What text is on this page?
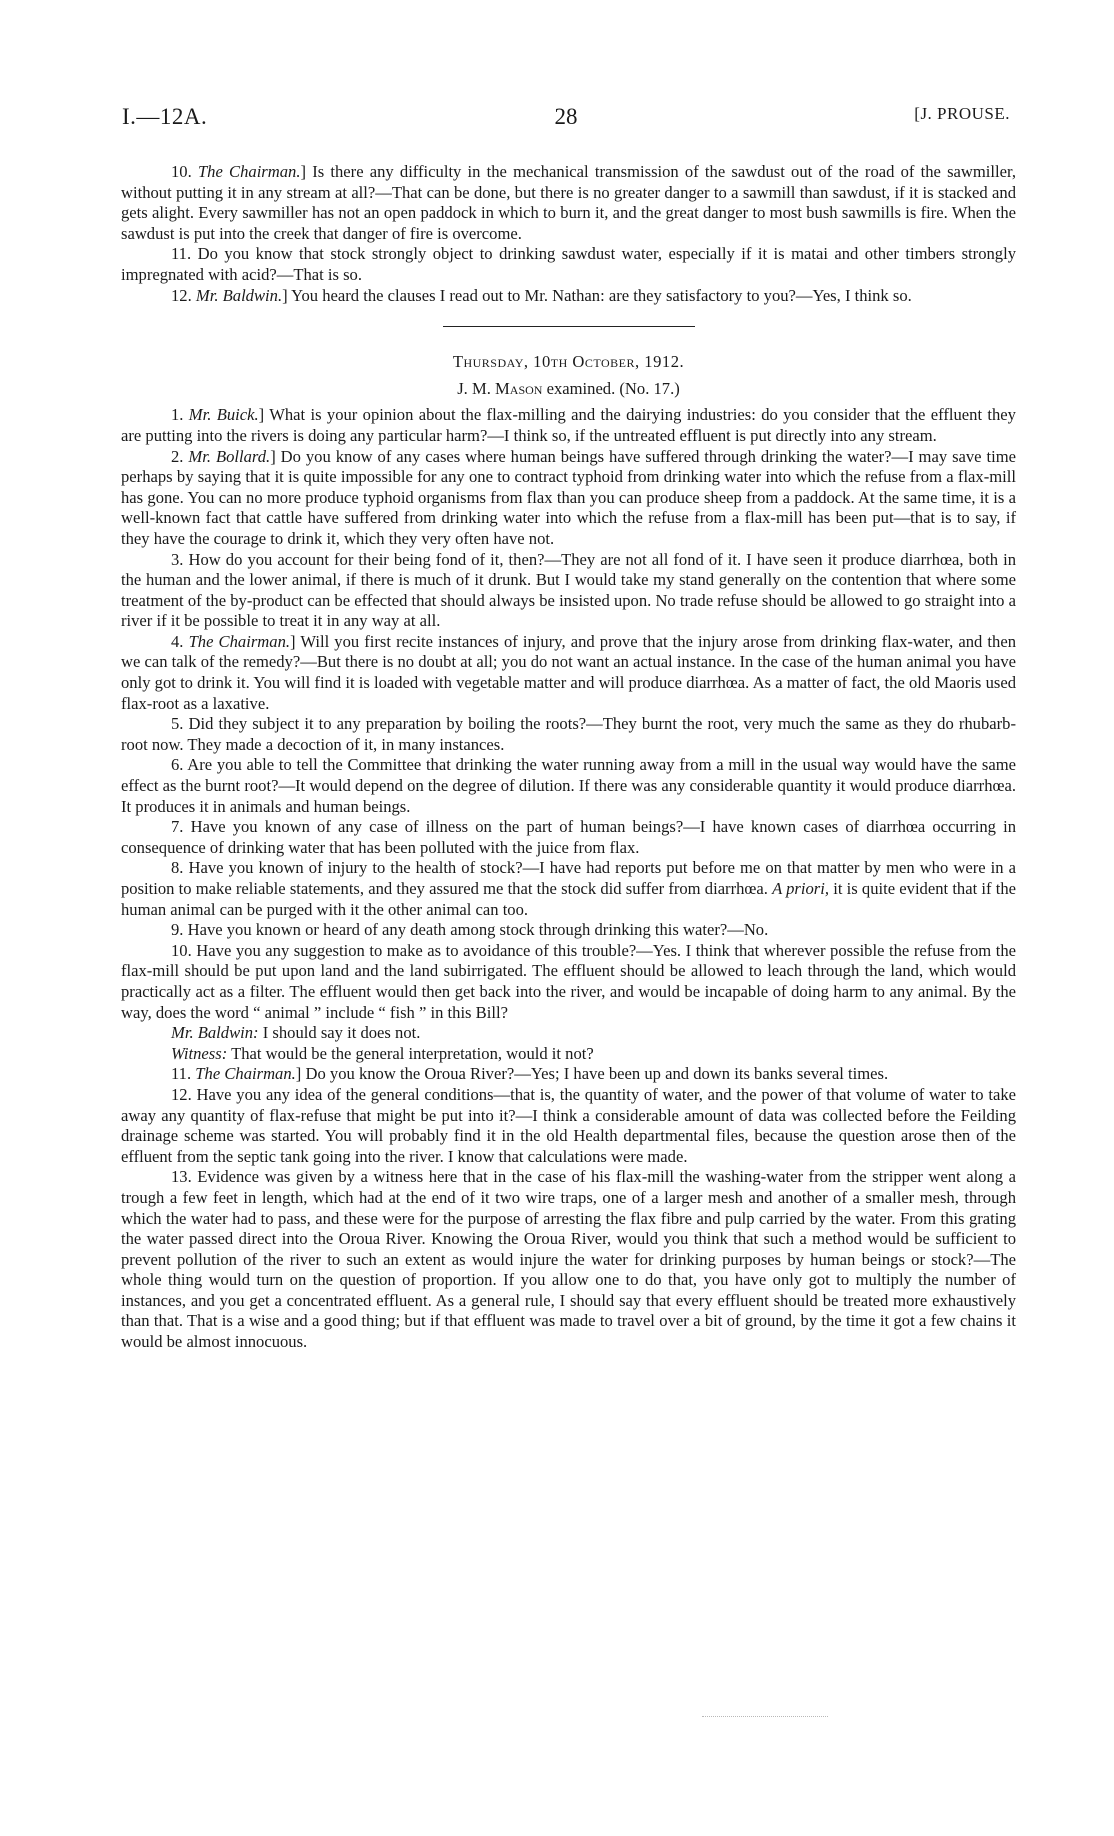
I.—12A.	28	[J. PROUSE.

10. The Chairman.] Is there any difficulty in the mechanical transmission of the sawdust out of the road of the sawmiller, without putting it in any stream at all?—That can be done, but there is no greater danger to a sawmill than sawdust, if it is stacked and gets alight. Every sawmiller has not an open paddock in which to burn it, and the great danger to most bush sawmills is fire. When the sawdust is put into the creek that danger of fire is overcome.

11. Do you know that stock strongly object to drinking sawdust water, especially if it is matai and other timbers strongly impregnated with acid?—That is so.

12. Mr. Baldwin.] You heard the clauses I read out to Mr. Nathan: are they satisfactory to you?—Yes, I think so.

Thursday, 10th October, 1912.

J. M. Mason examined. (No. 17.)

1. Mr. Buick.] What is your opinion about the flax-milling and the dairying industries: do you consider that the effluent they are putting into the rivers is doing any particular harm?—I think so, if the untreated effluent is put directly into any stream.

2. Mr. Bollard.] Do you know of any cases where human beings have suffered through drinking the water?—I may save time perhaps by saying that it is quite impossible for any one to contract typhoid from drinking water into which the refuse from a flax-mill has gone. You can no more produce typhoid organisms from flax than you can produce sheep from a paddock. At the same time, it is a well-known fact that cattle have suffered from drinking water into which the refuse from a flax-mill has been put—that is to say, if they have the courage to drink it, which they very often have not.

3. How do you account for their being fond of it, then?—They are not all fond of it. I have seen it produce diarrhœa, both in the human and the lower animal, if there is much of it drunk. But I would take my stand generally on the contention that where some treatment of the by-product can be effected that should always be insisted upon. No trade refuse should be allowed to go straight into a river if it be possible to treat it in any way at all.

4. The Chairman.] Will you first recite instances of injury, and prove that the injury arose from drinking flax-water, and then we can talk of the remedy?—But there is no doubt at all; you do not want an actual instance. In the case of the human animal you have only got to drink it. You will find it is loaded with vegetable matter and will produce diarrhœa. As a matter of fact, the old Maoris used flax-root as a laxative.

5. Did they subject it to any preparation by boiling the roots?—They burnt the root, very much the same as they do rhubarb-root now. They made a decoction of it, in many instances.

6. Are you able to tell the Committee that drinking the water running away from a mill in the usual way would have the same effect as the burnt root?—It would depend on the degree of dilution. If there was any considerable quantity it would produce diarrhœa. It produces it in animals and human beings.

7. Have you known of any case of illness on the part of human beings?—I have known cases of diarrhœa occurring in consequence of drinking water that has been polluted with the juice from flax.

8. Have you known of injury to the health of stock?—I have had reports put before me on that matter by men who were in a position to make reliable statements, and they assured me that the stock did suffer from diarrhœa. A priori, it is quite evident that if the human animal can be purged with it the other animal can too.

9. Have you known or heard of any death among stock through drinking this water?—No.

10. Have you any suggestion to make as to avoidance of this trouble?—Yes. I think that wherever possible the refuse from the flax-mill should be put upon land and the land subirrigated. The effluent should be allowed to leach through the land, which would practically act as a filter. The effluent would then get back into the river, and would be incapable of doing harm to any animal. By the way, does the word “ animal ” include “ fish ” in this Bill?

Mr. Baldwin: I should say it does not.

Witness: That would be the general interpretation, would it not?

11. The Chairman.] Do you know the Oroua River?—Yes; I have been up and down its banks several times.

12. Have you any idea of the general conditions—that is, the quantity of water, and the power of that volume of water to take away any quantity of flax-refuse that might be put into it?—I think a considerable amount of data was collected before the Feilding drainage scheme was started. You will probably find it in the old Health departmental files, because the question arose then of the effluent from the septic tank going into the river. I know that calculations were made.

13. Evidence was given by a witness here that in the case of his flax-mill the washing-water from the stripper went along a trough a few feet in length, which had at the end of it two wire traps, one of a larger mesh and another of a smaller mesh, through which the water had to pass, and these were for the purpose of arresting the flax fibre and pulp carried by the water. From this grating the water passed direct into the Oroua River. Knowing the Oroua River, would you think that such a method would be sufficient to prevent pollution of the river to such an extent as would injure the water for drinking purposes by human beings or stock?—The whole thing would turn on the question of proportion. If you allow one to do that, you have only got to multiply the number of instances, and you get a concentrated effluent. As a general rule, I should say that every effluent should be treated more exhaustively than that. That is a wise and a good thing; but if that effluent was made to travel over a bit of ground, by the time it got a few chains it would be almost innocuous.
